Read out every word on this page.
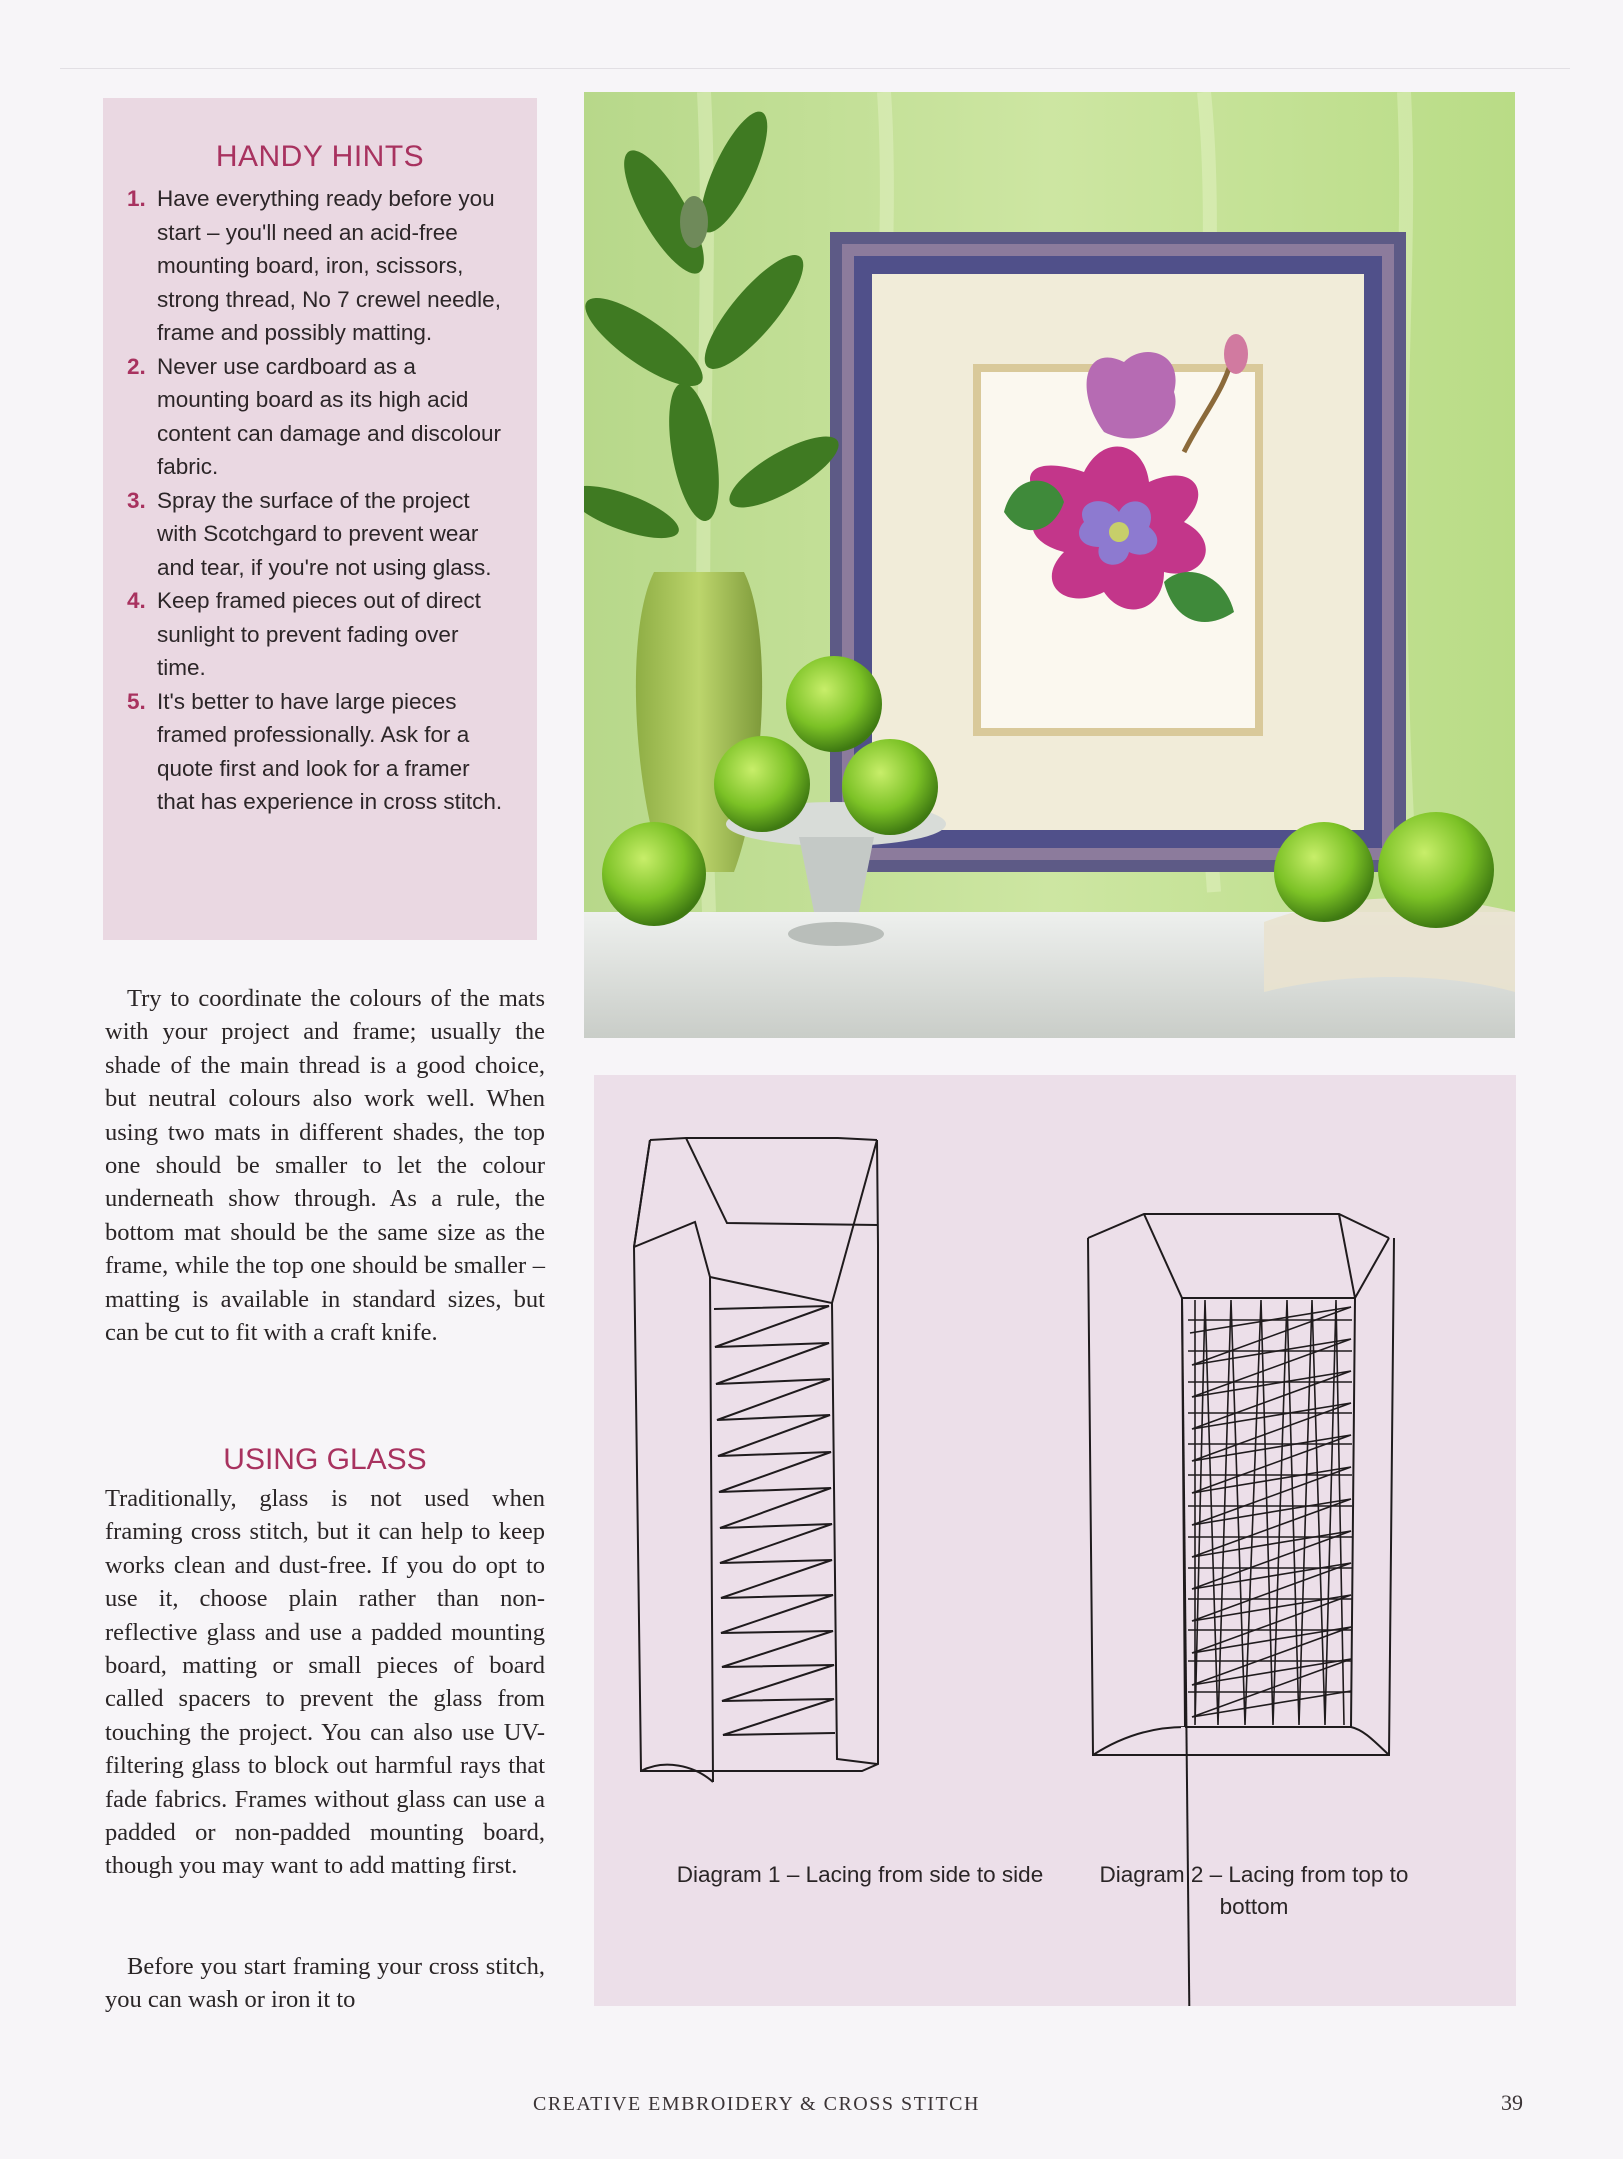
HANDY HINTS
1. Have everything ready before you start – you'll need an acid-free mounting board, iron, scissors, strong thread, No 7 crewel needle, frame and possibly matting.
2. Never use cardboard as a mounting board as its high acid content can damage and discolour fabric.
3. Spray the surface of the project with Scotchgard to prevent wear and tear, if you're not using glass.
4. Keep framed pieces out of direct sunlight to prevent fading over time.
5. It's better to have large pieces framed professionally. Ask for a quote first and look for a framer that has experience in cross stitch.

Try to coordinate the colours of the mats with your project and frame; usually the shade of the main thread is a good choice, but neutral colours also work well. When using two mats in different shades, the top one should be smaller to let the colour underneath show through. As a rule, the bottom mat should be the same size as the frame, while the top one should be smaller – matting is available in standard sizes, but can be cut to fit with a craft knife.

USING GLASS

Traditionally, glass is not used when framing cross stitch, but it can help to keep works clean and dust-free. If you do opt to use it, choose plain rather than non-reflective glass and use a padded mounting board, matting or small pieces of board called spacers to prevent the glass from touching the project. You can also use UV-filtering glass to block out harmful rays that fade fabrics. Frames without glass can use a padded or non-padded mounting board, though you may want to add matting first.

Before you start framing your cross stitch, you can wash or iron it to

Diagram 1 – Lacing from side to side	Diagram 2 – Lacing from top to bottom
CREATIVE EMBROIDERY & CROSS STITCH	39
